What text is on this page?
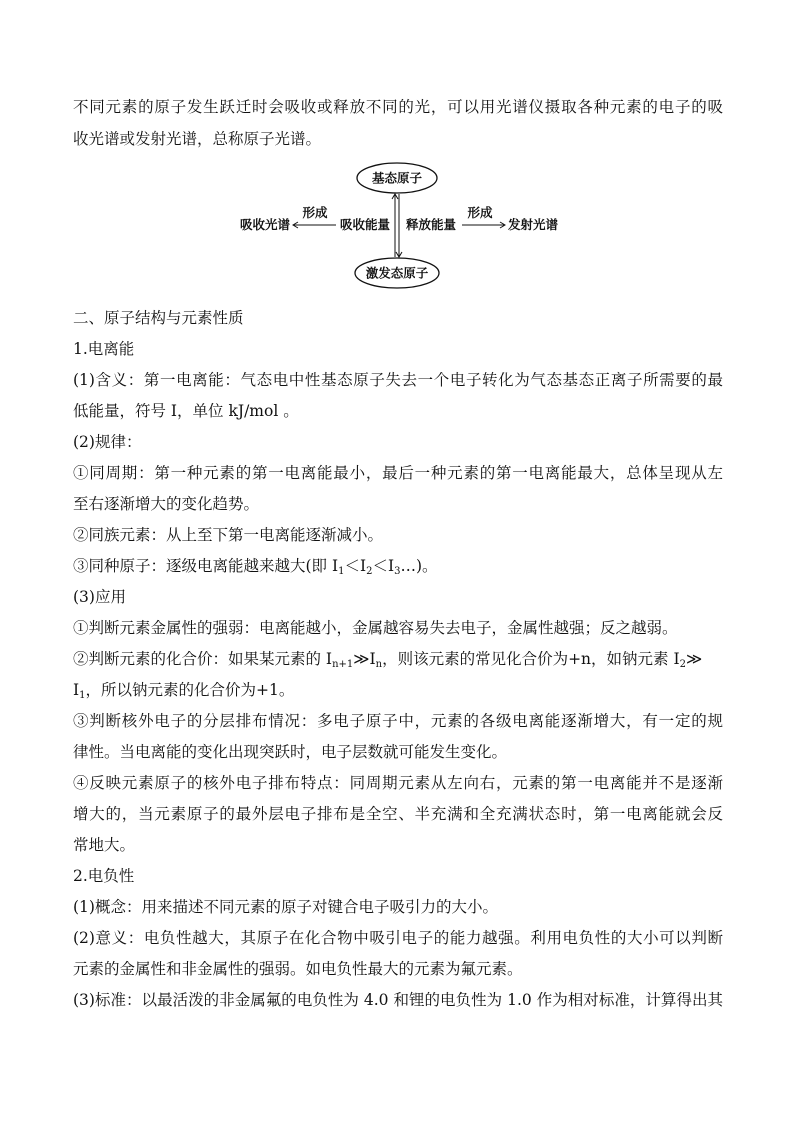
不同元素的原子发生跃迁时会吸收或释放不同的光，可以用光谱仪摄取各种元素的电子的吸
收光谱或发射光谱，总称原子光谱。
基态原子
激发态原子
吸收能量 释放能量
形成	形成
吸收光谱	发射光谱
二、原子结构与元素性质
1.电离能
(1)含义：第一电离能：气态电中性基态原子失去一个电子转化为气态基态正离子所需要的最
低能量，符号 I，单位 kJ/mol 。
(2)规律：
①同周期：第一种元素的第一电离能最小，最后一种元素的第一电离能最大，总体呈现从左
至右逐渐增大的变化趋势。
②同族元素：从上至下第一电离能逐渐减小。
③同种原子：逐级电离能越来越大(即 $I_1<I_2<I_3\dots$)。
(3)应用
①判断元素金属性的强弱：电离能越小，金属越容易失去电子，金属性越强；反之越弱。
②判断元素的化合价：如果某元素的 $I_{n+1}≫I_n$，则该元素的常见化合价为+n，如钠元素 $I_2≫$
$I_1$，所以钠元素的化合价为+1。
③判断核外电子的分层排布情况：多电子原子中，元素的各级电离能逐渐增大，有一定的规
律性。当电离能的变化出现突跃时，电子层数就可能发生变化。
④反映元素原子的核外电子排布特点：同周期元素从左向右，元素的第一电离能并不是逐渐
增大的，当元素原子的最外层电子排布是全空、半充满和全充满状态时，第一电离能就会反
常地大。
2.电负性
(1)概念：用来描述不同元素的原子对键合电子吸引力的大小。
(2)意义：电负性越大，其原子在化合物中吸引电子的能力越强。利用电负性的大小可以判断
元素的金属性和非金属性的强弱。如电负性最大的元素为氟元素。
(3)标准：以最活泼的非金属氟的电负性为 4.0 和锂的电负性为 1.0 作为相对标准，计算得出其
